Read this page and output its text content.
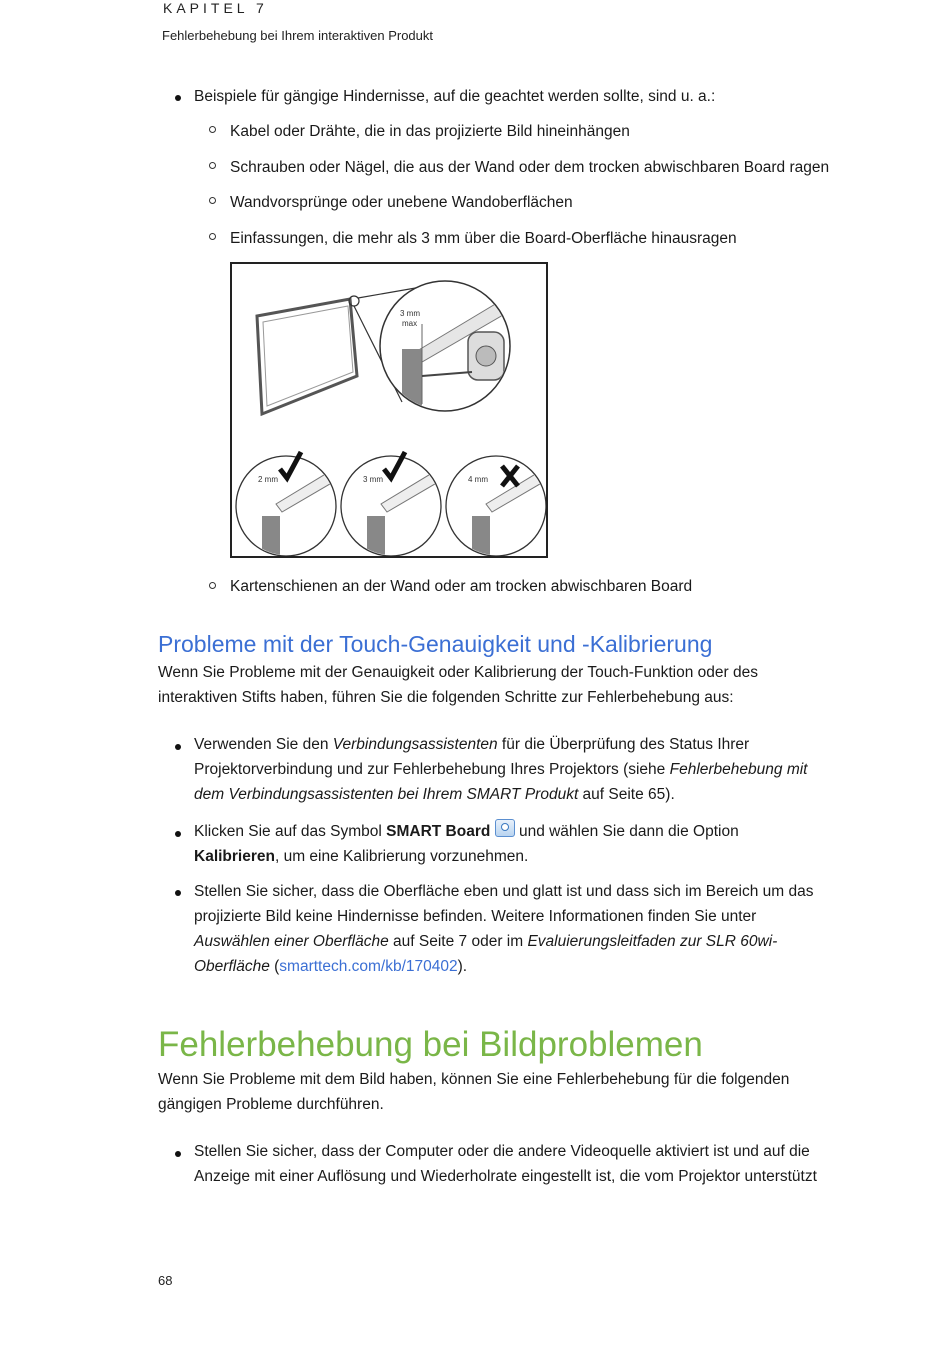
KAPITEL 7
Fehlerbehebung bei Ihrem interaktiven Produkt
Beispiele für gängige Hindernisse, auf die geachtet werden sollte, sind u. a.:
Kabel oder Drähte, die in das projizierte Bild hineinhängen
Schrauben oder Nägel, die aus der Wand oder dem trocken abwischbaren Board ragen
Wandvorsprünge oder unebene Wandoberflächen
Einfassungen, die mehr als 3 mm über die Board-Oberfläche hinausragen
3 mm
max
2 mm	3 mm	4 mm
Kartenschienen an der Wand oder am trocken abwischbaren Board
Probleme mit der Touch-Genauigkeit und -Kalibrierung
Wenn Sie Probleme mit der Genauigkeit oder Kalibrierung der Touch-Funktion oder des
interaktiven Stifts haben, führen Sie die folgenden Schritte zur Fehlerbehebung aus:
Verwenden Sie den Verbindungsassistenten für die Überprüfung des Status Ihrer
Projektorverbindung und zur Fehlerbehebung Ihres Projektors (siehe Fehlerbehebung mit
dem Verbindungsassistenten bei Ihrem SMART Produkt auf Seite 65).
Klicken Sie auf das Symbol SMART Board
und wählen Sie dann die Option
Kalibrieren, um eine Kalibrierung vorzunehmen.
Stellen Sie sicher, dass die Oberfläche eben und glatt ist und dass sich im Bereich um das
projizierte Bild keine Hindernisse befinden. Weitere Informationen finden Sie unter
Auswählen einer Oberfläche auf Seite 7 oder im Evaluierungsleitfaden zur SLR 60wi-
Oberfläche (smarttech.com/kb/170402).
Fehlerbehebung bei Bildproblemen
Wenn Sie Probleme mit dem Bild haben, können Sie eine Fehlerbehebung für die folgenden
gängigen Probleme durchführen.
Stellen Sie sicher, dass der Computer oder die andere Videoquelle aktiviert ist und auf die
Anzeige mit einer Auflösung und Wiederholrate eingestellt ist, die vom Projektor unterstützt
68
